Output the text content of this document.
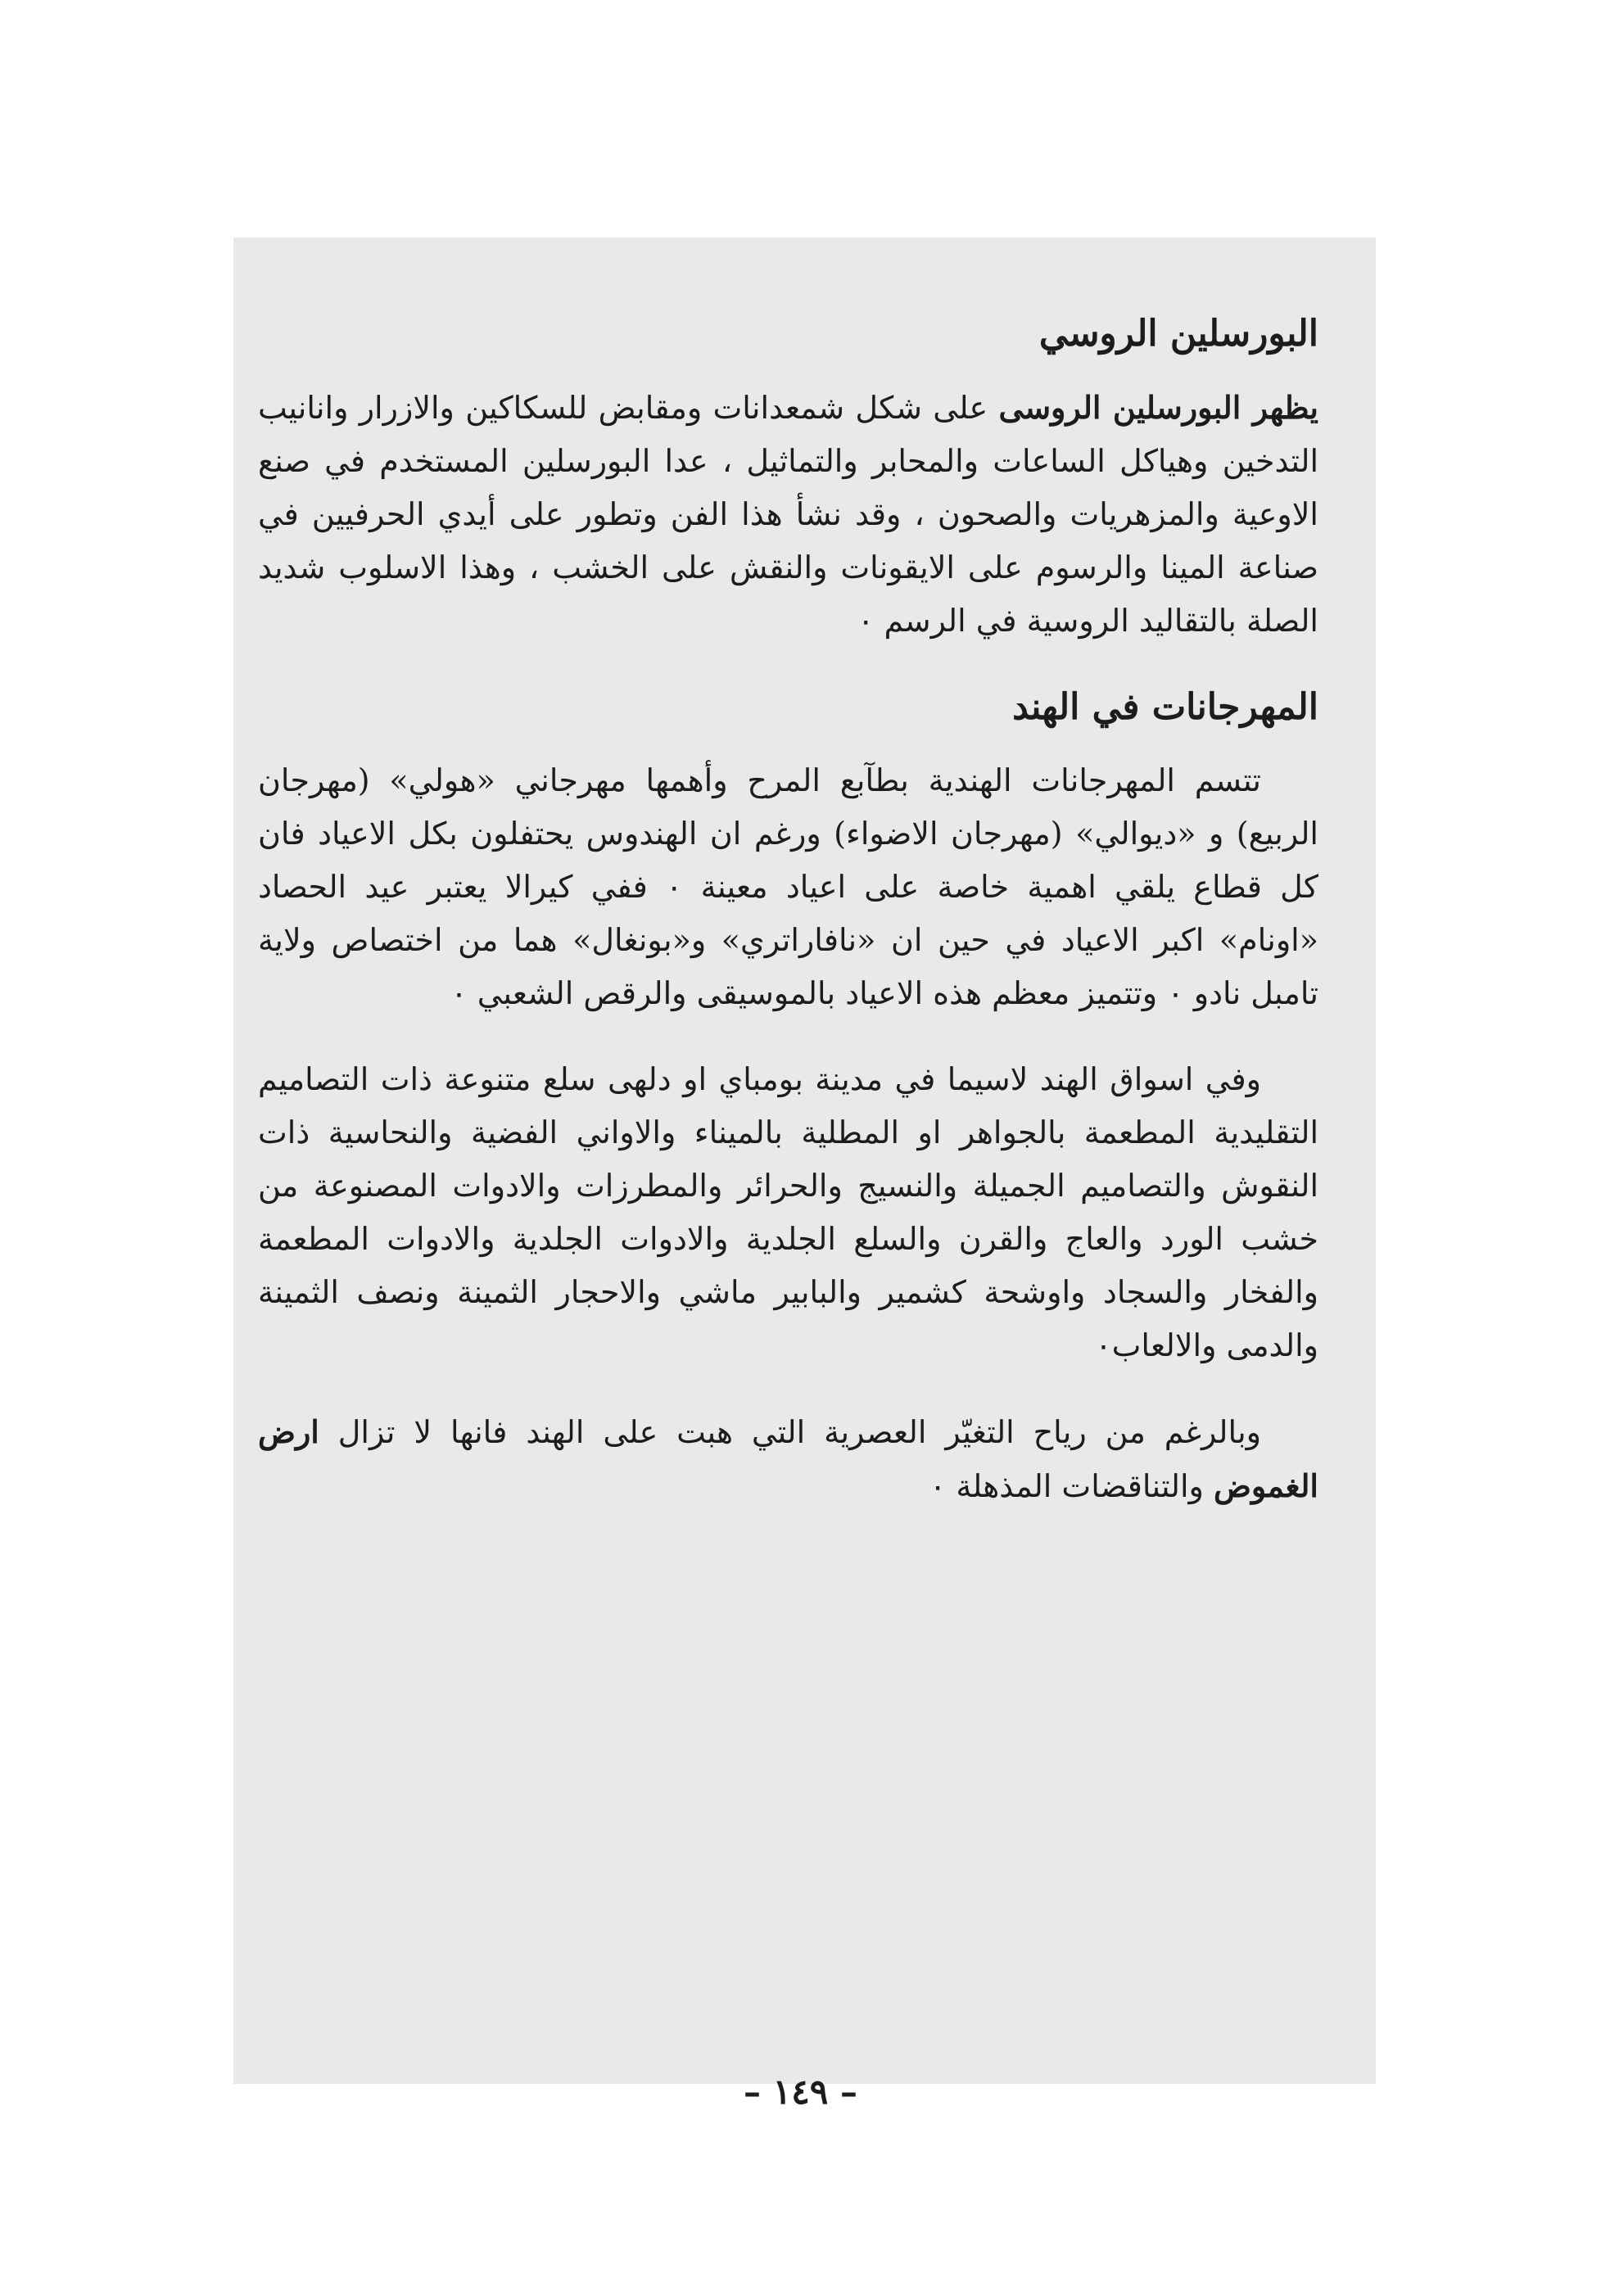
البورسلين الروسي

يظهر البورسلين الروسى على شكل شمعدانات ومقابض للسكاكين والازرار وانانيب التدخين وهياكل الساعات والمحابر والتماثيل ، عدا البورسلين المستخدم في صنع الاوعية والمزهريات والصحون ، وقد نشأ هذا الفن وتطور على أيدي الحرفيين في صناعة المينا والرسوم على الايقونات والنقش على الخشب ، وهذا الاسلوب شديد الصلة بالتقاليد الروسية في الرسم ٠

المهرجانات في الهند

تتسم المهرجانات الهندية بطآبع المرح وأهمها مهرجاني «هولي» (مهرجان الربيع) و «ديوالي» (مهرجان الاضواء) ورغم ان الهندوس يحتفلون بكل الاعياد فان كل قطاع يلقي اهمية خاصة على اعياد معينة ٠ ففي كيرالا يعتبر عيد الحصاد «اونام» اكبر الاعياد في حين ان «نافاراتري» و«بونغال» هما من اختصاص ولاية تامبل نادو ٠ وتتميز معظم هذه الاعياد بالموسيقى والرقص الشعبي ٠

وفي اسواق الهند لاسيما في مدينة بومباي او دلهى سلع متنوعة ذات التصاميم التقليدية المطعمة بالجواهر او المطلية بالميناء والاواني الفضية والنحاسية ذات النقوش والتصاميم الجميلة والنسيج والحرائر والمطرزات والادوات المصنوعة من خشب الورد والعاج والقرن والسلع الجلدية والادوات الجلدية والادوات المطعمة والفخار والسجاد واوشحة كشمير والبابير ماشي والاحجار الثمينة ونصف الثمينة والدمى والالعاب٠

وبالرغم من رياح التغيّر العصرية التي هبت على الهند فانها لا تزال ارض الغموض والتناقضات المذهلة ٠

– ١٤٩ –
